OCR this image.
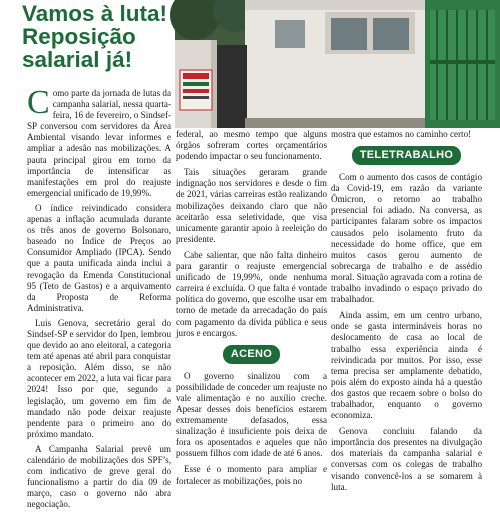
Vamos à luta!
Reposição
salarial já!

Como parte da jornada de lutas da campanha salarial, nessa quarta-feira, 16 de fevereiro, o Sindsef-SP conversou com servidores da Área Ambiental visando levar informes e ampliar a adesão nas mobilizações. A pauta principal girou em torno da importância de intensificar as manifestações em prol do reajuste emergencial unificado de 19,99%.

O índice reivindicado considera apenas a inflação acumulada durante os três anos de governo Bolsonaro, baseado no Índice de Preços ao Consumidor Ampliado (IPCA). Sendo que a pauta unificada ainda inclui a revogação da Emenda Constitucional 95 (Teto de Gastos) e a arquivamento da Proposta de Reforma Administrativa.

Luis Genova, secretário geral do Sindsef-SP e servidor do Ipen, lembrou que devido ao ano eleitoral, a categoria tem até apenas até abril para conquistar a reposição. Além disso, se não acontecer em 2022, a luta vai ficar para 2024! Isso por que, segundo a legislação, um governo em fim de mandado não pode deixar reajuste pendente para o primeiro ano do próximo mandato.

A Campanha Salarial prevê um calendário de mobilizações dos SPF’s, com indicativo de greve geral do funcionalismo a partir do dia 09 de março, caso o governo não abra negociação.

federal, ao mesmo tempo que alguns órgãos sofreram cortes orçamentários podendo impactar o seu funcionamento.

Tais situações geraram grande indignação nos servidores e desde o fim de 2021, várias carreiras estão realizando mobilizações deixando claro que não aceitarão essa seletividade, que visa unicamente garantir apoio à reeleição do presidente.

Cabe salientar, que não falta dinheiro para garantir o reajuste emergencial unificado de 19,99%, onde nenhuma carreira é excluída. O que falta é vontade política do governo, que escolhe usar em torno de metade da arrecadação do país com pagamento da dívida pública e seus juros e encargos.

ACENO

O governo sinalizou com a possibilidade de conceder um reajuste no vale alimentação e no auxílio creche. Apesar desses dois benefícios estarem extremamente defasados, essa sinalização é insuficiente pois deixa de fora os aposentados e aqueles que não possuem filhos com idade de até 6 anos.

Esse é o momento para ampliar e fortalecer as mobilizações, pois no

mostra que estamos no caminho certo!

TELETRABALHO

Com o aumento dos casos de contágio da Covid-19, em razão da variante Ômicron, o retorno ao trabalho presencial foi adiado. Na conversa, as participantes falaram sobre os impactos causados pelo isolamento fruto da necessidade do home office, que em muitos casos gerou aumento de sobrecarga de trabalho e de assédio moral. Situação agravada com a rotina de trabalho invadindo o espaço privado do trabalhador.

Ainda assim, em um centro urbano, onde se gasta intermináveis horas no deslocamento de casa ao local de trabalho essa experiência ainda é reivindicada por muitos. Por isso, esse tema precisa ser amplamente debatido, pois além do exposto ainda há a questão dos gastos que recaem sobre o bolso do trabalhador, enquanto o governo economiza.

Genova concluiu falando da importância dos presentes na divulgação dos materiais da campanha salarial e conversas com os colegas de trabalho visando convencê-los a se somarem à luta.
